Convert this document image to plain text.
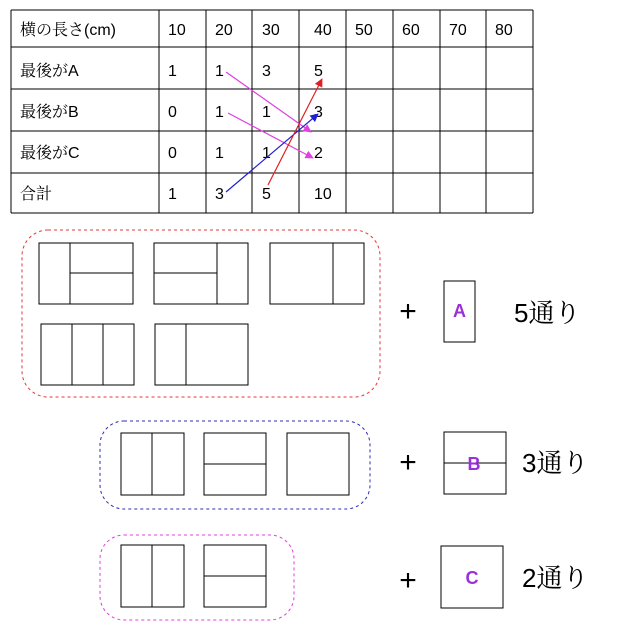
横の長さ(cm)	10 20 30 40 50 60 70 80
最後がA	1 1 3	5
最後がB	0 1 1	3
最後がC	0 1 1	2
合計	1 3 5	10
+ A 5通り
+	B 3通り
+	C 2通り
